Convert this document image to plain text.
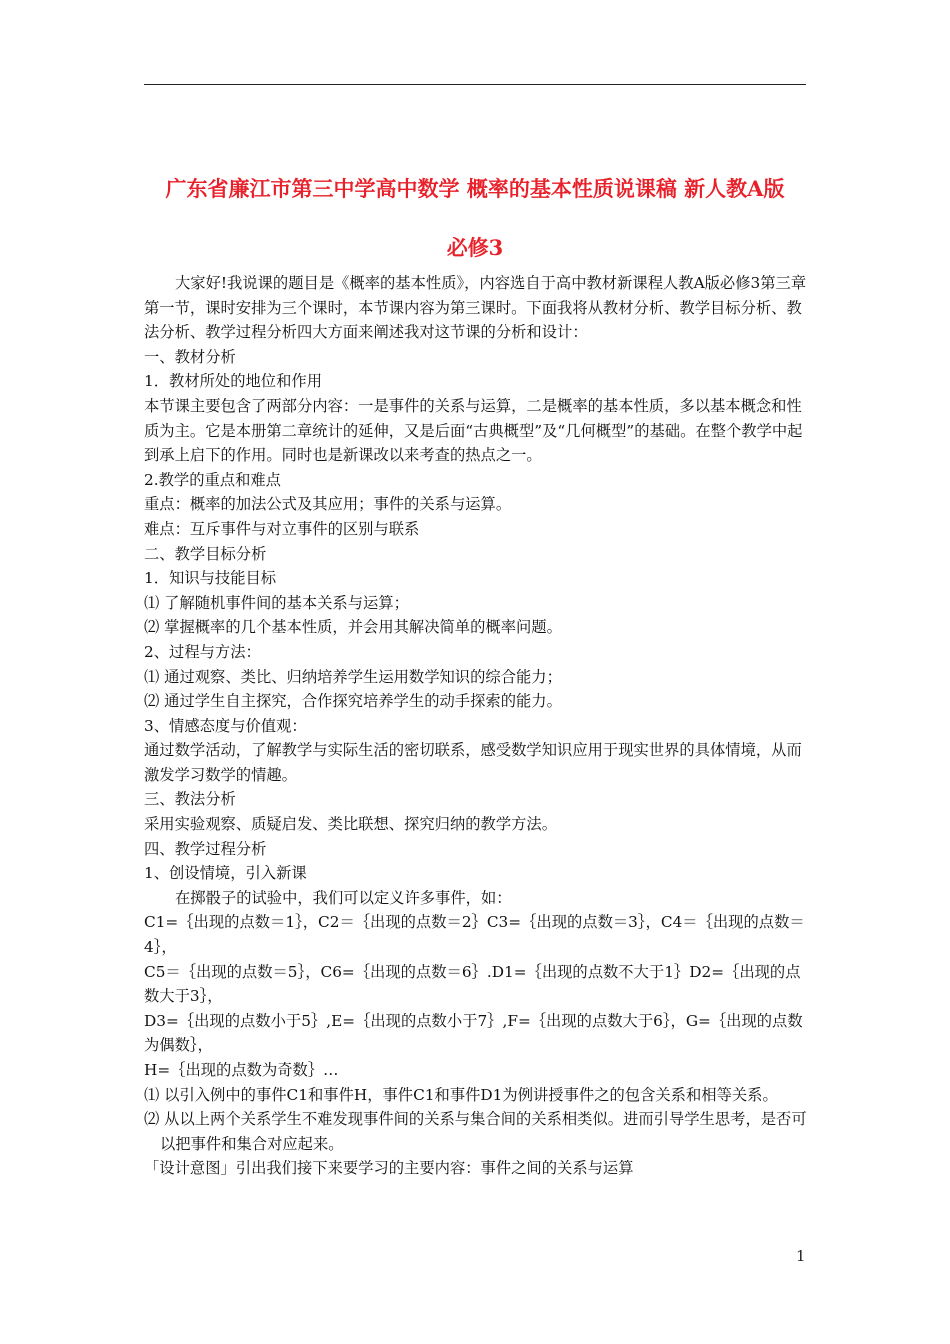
广东省廉江市第三中学高中数学 概率的基本性质说课稿 新人教A版
必修3

大家好!我说课的题目是《概率的基本性质》，内容选自于高中教材新课程人教A版必修3第三章第一节，课时安排为三个课时，本节课内容为第三课时。下面我将从教材分析、教学目标分析、教法分析、教学过程分析四大方面来阐述我对这节课的分析和设计：

一、教材分析

1．教材所处的地位和作用

本节课主要包含了两部分内容：一是事件的关系与运算，二是概率的基本性质，多以基本概念和性质为主。它是本册第二章统计的延伸，又是后面“古典概型”及“几何概型”的基础。在整个教学中起到承上启下的作用。同时也是新课改以来考查的热点之一。

2.教学的重点和难点

重点：概率的加法公式及其应用；事件的关系与运算。

难点：互斥事件与对立事件的区别与联系

二、教学目标分析

1．知识与技能目标

⑴ 了解随机事件间的基本关系与运算；

⑵ 掌握概率的几个基本性质，并会用其解决简单的概率问题。

2、过程与方法：

⑴ 通过观察、类比、归纳培养学生运用数学知识的综合能力；

⑵ 通过学生自主探究，合作探究培养学生的动手探索的能力。

3、情感态度与价值观：

通过数学活动，了解教学与实际生活的密切联系，感受数学知识应用于现实世界的具体情境，从而激发学习数学的情趣。

三、教法分析

采用实验观察、质疑启发、类比联想、探究归纳的教学方法。

四、教学过程分析

1、创设情境，引入新课

在掷骰子的试验中，我们可以定义许多事件，如：

C1=｛出现的点数＝1｝，C2＝｛出现的点数＝2｝C3=｛出现的点数＝3｝，C4＝｛出现的点数＝4｝，

C5＝｛出现的点数＝5｝，C6=｛出现的点数＝6｝.D1=｛出现的点数不大于1｝D2=｛出现的点数大于3｝，

D3=｛出现的点数小于5｝,E=｛出现的点数小于7｝,F=｛出现的点数大于6｝，G=｛出现的点数为偶数｝，

H=｛出现的点数为奇数｝…

⑴ 以引入例中的事件C1和事件H，事件C1和事件D1为例讲授事件之的包含关系和相等关系。

⑵ 从以上两个关系学生不难发现事件间的关系与集合间的关系相类似。进而引导学生思考，是否可以把事件和集合对应起来。

「设计意图」引出我们接下来要学习的主要内容：事件之间的关系与运算

1
